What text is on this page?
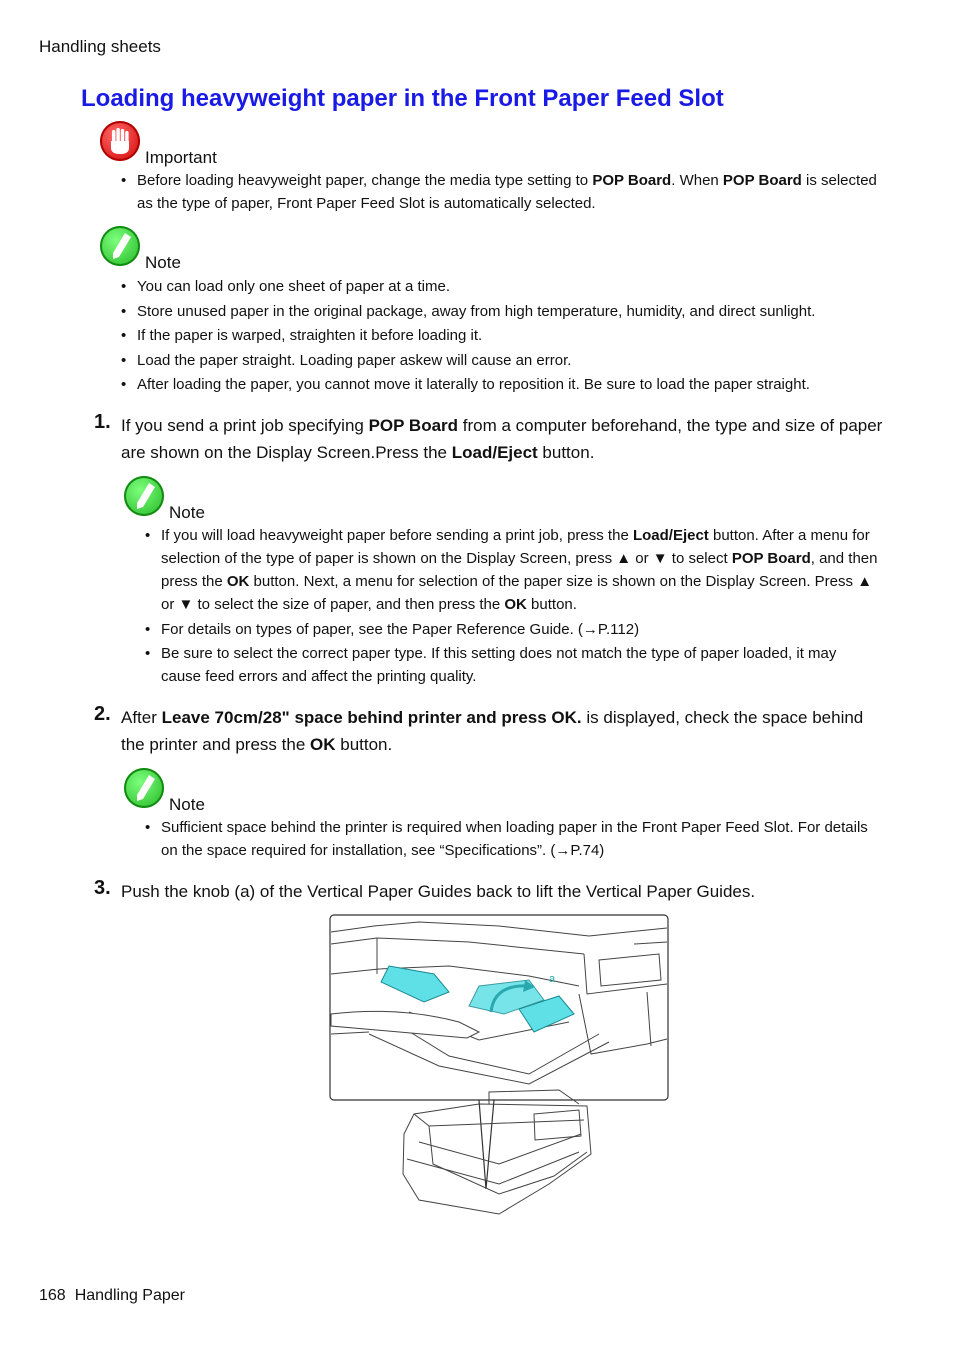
Handling sheets
Loading heavyweight paper in the Front Paper Feed Slot
Important
• Before loading heavyweight paper, change the media type setting to POP Board. When POP Board is selected as the type of paper, Front Paper Feed Slot is automatically selected.
Note
• You can load only one sheet of paper at a time.
• Store unused paper in the original package, away from high temperature, humidity, and direct sunlight.
• If the paper is warped, straighten it before loading it.
• Load the paper straight. Loading paper askew will cause an error.
• After loading the paper, you cannot move it laterally to reposition it. Be sure to load the paper straight.
1. If you send a print job specifying POP Board from a computer beforehand, the type and size of paper are shown on the Display Screen.Press the Load/Eject button.
Note
• If you will load heavyweight paper before sending a print job, press the Load/Eject button. After a menu for selection of the type of paper is shown on the Display Screen, press ▲ or ▼ to select POP Board, and then press the OK button. Next, a menu for selection of the paper size is shown on the Display Screen. Press ▲ or ▼ to select the size of paper, and then press the OK button.
• For details on types of paper, see the Paper Reference Guide. (→P.112)
• Be sure to select the correct paper type. If this setting does not match the type of paper loaded, it may cause feed errors and affect the printing quality.
2. After Leave 70cm/28" space behind printer and press OK. is displayed, check the space behind the printer and press the OK button.
Note
• Sufficient space behind the printer is required when loading paper in the Front Paper Feed Slot. For details on the space required for installation, see “Specifications”. (→P.74)
3. Push the knob (a) of the Vertical Paper Guides back to lift the Vertical Paper Guides.
a
168 Handling Paper
